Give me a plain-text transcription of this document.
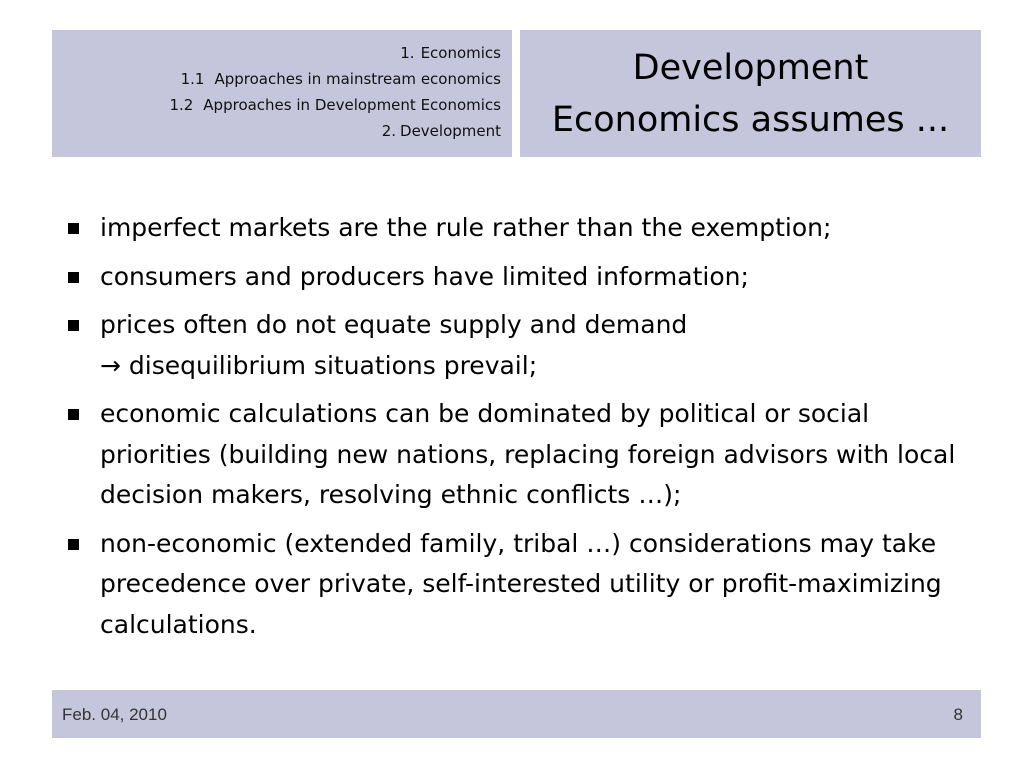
1. Economics
1.1 Approaches in mainstream economics
1.2 Approaches in Development Economics
2. Development
Development
Economics assumes ...
imperfect markets are the rule rather than the exemption;
consumers and producers have limited information;
prices often do not equate supply and demand
→ disequilibrium situations prevail;
economic calculations can be dominated by political or social priorities (building new nations, replacing foreign advisors with local decision makers, resolving ethnic conflicts …);
non-economic (extended family, tribal …) considerations may take precedence over private, self-interested utility or profit-maximizing calculations.
Feb. 04, 2010	8
